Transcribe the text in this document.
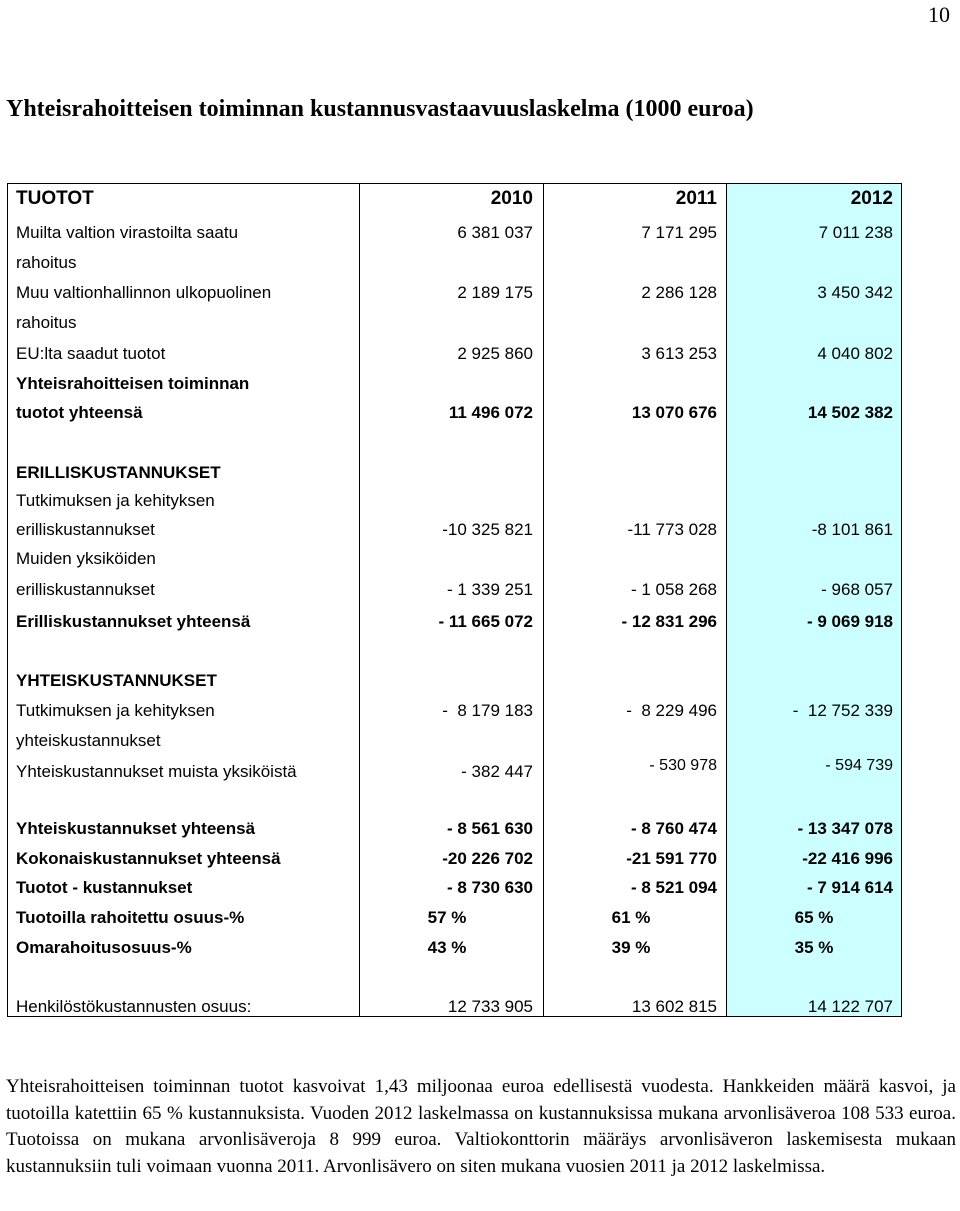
10
Yhteisrahoitteisen toiminnan kustannusvastaavuuslaskelma (1000 euroa)
TUOTOT	2010	2011	2012
Muilta valtion virastoilta saatu
rahoitus
6 381 037	7 171 295	7 011 238
Muu valtionhallinnon ulkopuolinen
rahoitus
2 189 175	2 286 128	3 450 342
EU:lta saadut tuotot	2 925 860	3 613 253	4 040 802
Yhteisrahoitteisen toiminnan
tuotot yhteensä	11 496 072	13 070 676	14 502 382
ERILLISKUSTANNUKSET
Tutkimuksen ja kehityksen
erilliskustannukset	-10 325 821	-11 773 028	-8 101 861
Muiden yksiköiden
erilliskustannukset	- 1 339 251	- 1 058 268	- 968 057
Erilliskustannukset yhteensä	- 11 665 072	- 12 831 296	- 9 069 918
YHTEISKUSTANNUKSET
Tutkimuksen ja kehityksen
yhteiskustannukset
-  8 179 183	-  8 229 496	-  12 752 339
Yhteiskustannukset muista yksiköistä	- 382 447	- 530 978	- 594 739
Yhteiskustannukset yhteensä	- 8 561 630	- 8 760 474	- 13 347 078
Kokonaiskustannukset yhteensä	-20 226 702	-21 591 770	-22 416 996
Tuotot - kustannukset	- 8 730 630	- 8 521 094	- 7 914 614
Tuotoilla rahoitettu osuus-%	57 %	61 %	65 %
Omarahoitusosuus-%	43 %	39 %	35 %
Henkilöstökustannusten osuus:	12 733 905	13 602 815	14 122 707

Yhteisrahoitteisen toiminnan tuotot kasvoivat 1,43 miljoonaa euroa edellisestä vuodesta. Hankkeiden määrä kasvoi, ja tuotoilla katettiin 65 % kustannuksista. Vuoden 2012 laskelmassa on kustannuksissa mukana arvonlisäveroa 108 533 euroa. Tuotoissa on mukana arvonlisäveroja 8 999 euroa. Valtiokonttorin määräys arvonlisäveron laskemisesta mukaan kustannuksiin tuli voimaan vuonna 2011. Arvonlisävero on siten mukana vuosien 2011 ja 2012 laskelmissa.
